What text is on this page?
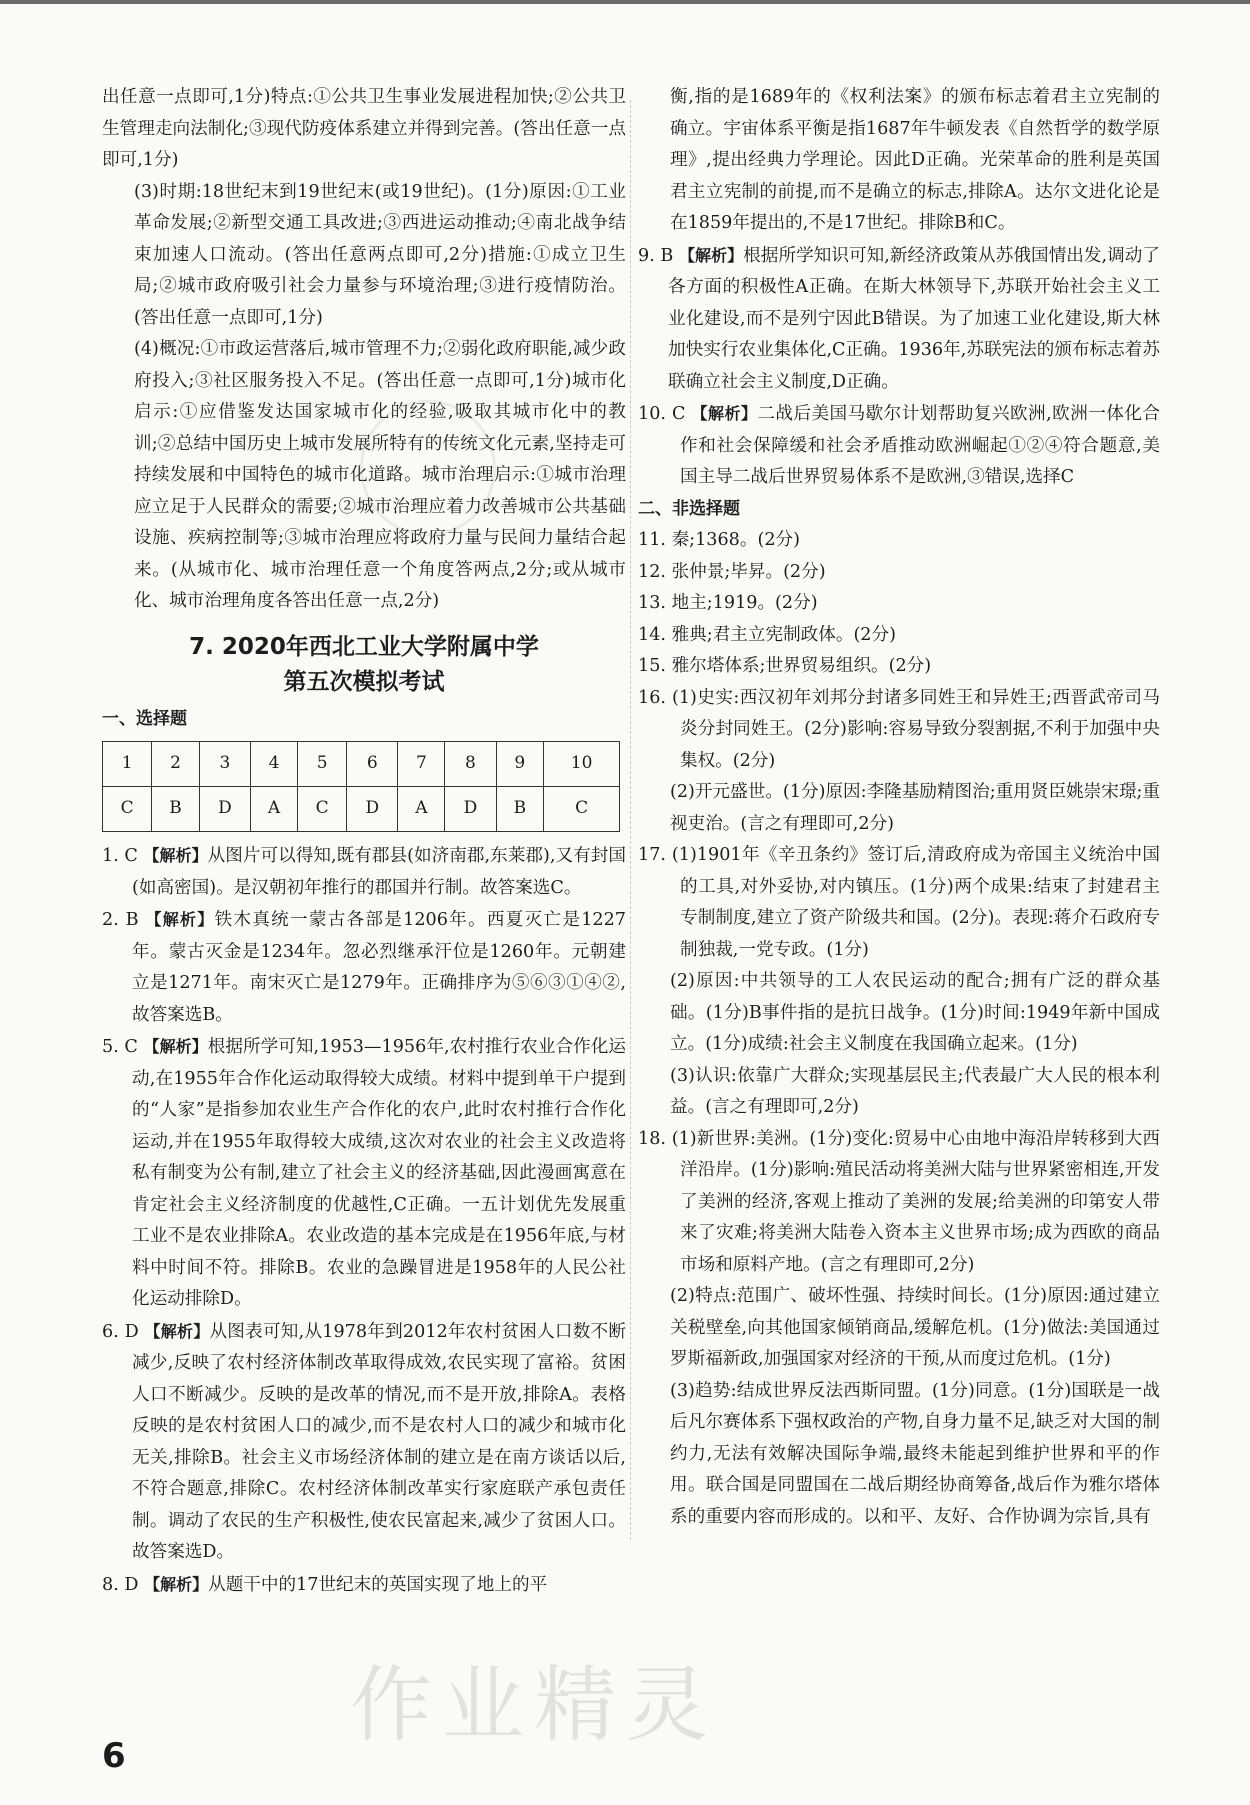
出任意一点即可,1分)特点:①公共卫生事业发展进程加快;②公共卫生管理走向法制化;③现代防疫体系建立并得到完善。(答出任意一点即可,1分)

(3)时期:18世纪末到19世纪末(或19世纪)。(1分)原因:①工业革命发展;②新型交通工具改进;③西进运动推动;④南北战争结束加速人口流动。(答出任意两点即可,2分)措施:①成立卫生局;②城市政府吸引社会力量参与环境治理;③进行疫情防治。(答出任意一点即可,1分)

(4)概况:①市政运营落后,城市管理不力;②弱化政府职能,减少政府投入;③社区服务投入不足。(答出任意一点即可,1分)城市化启示:①应借鉴发达国家城市化的经验,吸取其城市化中的教训;②总结中国历史上城市发展所特有的传统文化元素,坚持走可持续发展和中国特色的城市化道路。城市治理启示:①城市治理应立足于人民群众的需要;②城市治理应着力改善城市公共基础设施、疾病控制等;③城市治理应将政府力量与民间力量结合起来。(从城市化、城市治理任意一个角度答两点,2分;或从城市化、城市治理角度各答出任意一点,2分)

7. 2020年西北工业大学附属中学
第五次模拟考试

一、选择题

1	2	3	4	5	6	7	8	9	10
C	B	D	A	C	D	A	D	B	C

1. C 【解析】从图片可以得知,既有郡县(如济南郡,东莱郡),又有封国(如高密国)。是汉朝初年推行的郡国并行制。故答案选C。

2. B 【解析】铁木真统一蒙古各部是1206年。西夏灭亡是1227年。蒙古灭金是1234年。忽必烈继承汗位是1260年。元朝建立是1271年。南宋灭亡是1279年。正确排序为⑤⑥③①④②,故答案选B。

5. C 【解析】根据所学可知,1953—1956年,农村推行农业合作化运动,在1955年合作化运动取得较大成绩。材料中提到单干户提到的“人家”是指参加农业生产合作化的农户,此时农村推行合作化运动,并在1955年取得较大成绩,这次对农业的社会主义改造将私有制变为公有制,建立了社会主义的经济基础,因此漫画寓意在肯定社会主义经济制度的优越性,C正确。一五计划优先发展重工业不是农业排除A。农业改造的基本完成是在1956年底,与材料中时间不符。排除B。农业的急躁冒进是1958年的人民公社化运动排除D。

6. D 【解析】从图表可知,从1978年到2012年农村贫困人口数不断减少,反映了农村经济体制改革取得成效,农民实现了富裕。贫困人口不断减少。反映的是改革的情况,而不是开放,排除A。表格反映的是农村贫困人口的减少,而不是农村人口的减少和城市化无关,排除B。社会主义市场经济体制的建立是在南方谈话以后,不符合题意,排除C。农村经济体制改革实行家庭联产承包责任制。调动了农民的生产积极性,使农民富起来,减少了贫困人口。故答案选D。

8. D 【解析】从题干中的17世纪末的英国实现了地上的平

衡,指的是1689年的《权利法案》的颁布标志着君主立宪制的确立。宇宙体系平衡是指1687年牛顿发表《自然哲学的数学原理》,提出经典力学理论。因此D正确。光荣革命的胜利是英国君主立宪制的前提,而不是确立的标志,排除A。达尔文进化论是在1859年提出的,不是17世纪。排除B和C。

9. B 【解析】根据所学知识可知,新经济政策从苏俄国情出发,调动了各方面的积极性A正确。在斯大林领导下,苏联开始社会主义工业化建设,而不是列宁因此B错误。为了加速工业化建设,斯大林加快实行农业集体化,C正确。1936年,苏联宪法的颁布标志着苏联确立社会主义制度,D正确。

10. C 【解析】二战后美国马歇尔计划帮助复兴欧洲,欧洲一体化合作和社会保障缓和社会矛盾推动欧洲崛起①②④符合题意,美国主导二战后世界贸易体系不是欧洲,③错误,选择C

二、非选择题

11. 秦;1368。(2分)

12. 张仲景;毕昇。(2分)

13. 地主;1919。(2分)

14. 雅典;君主立宪制政体。(2分)

15. 雅尔塔体系;世界贸易组织。(2分)

16. (1)史实:西汉初年刘邦分封诸多同姓王和异姓王;西晋武帝司马炎分封同姓王。(2分)影响:容易导致分裂割据,不利于加强中央集权。(2分)

(2)开元盛世。(1分)原因:李隆基励精图治;重用贤臣姚崇宋璟;重视吏治。(言之有理即可,2分)

17. (1)1901年《辛丑条约》签订后,清政府成为帝国主义统治中国的工具,对外妥协,对内镇压。(1分)两个成果:结束了封建君主专制制度,建立了资产阶级共和国。(2分)。表现:蒋介石政府专制独裁,一党专政。(1分)

(2)原因:中共领导的工人农民运动的配合;拥有广泛的群众基础。(1分)B事件指的是抗日战争。(1分)时间:1949年新中国成立。(1分)成绩:社会主义制度在我国确立起来。(1分)

(3)认识:依靠广大群众;实现基层民主;代表最广大人民的根本利益。(言之有理即可,2分)

18. (1)新世界:美洲。(1分)变化:贸易中心由地中海沿岸转移到大西洋沿岸。(1分)影响:殖民活动将美洲大陆与世界紧密相连,开发了美洲的经济,客观上推动了美洲的发展;给美洲的印第安人带来了灾难;将美洲大陆卷入资本主义世界市场;成为西欧的商品市场和原料产地。(言之有理即可,2分)

(2)特点:范围广、破坏性强、持续时间长。(1分)原因:通过建立关税壁垒,向其他国家倾销商品,缓解危机。(1分)做法:美国通过罗斯福新政,加强国家对经济的干预,从而度过危机。(1分)

(3)趋势:结成世界反法西斯同盟。(1分)同意。(1分)国联是一战后凡尔赛体系下强权政治的产物,自身力量不足,缺乏对大国的制约力,无法有效解决国际争端,最终未能起到维护世界和平的作用。联合国是同盟国在二战后期经协商筹备,战后作为雅尔塔体系的重要内容而形成的。以和平、友好、合作协调为宗旨,具有

作业精灵
6
